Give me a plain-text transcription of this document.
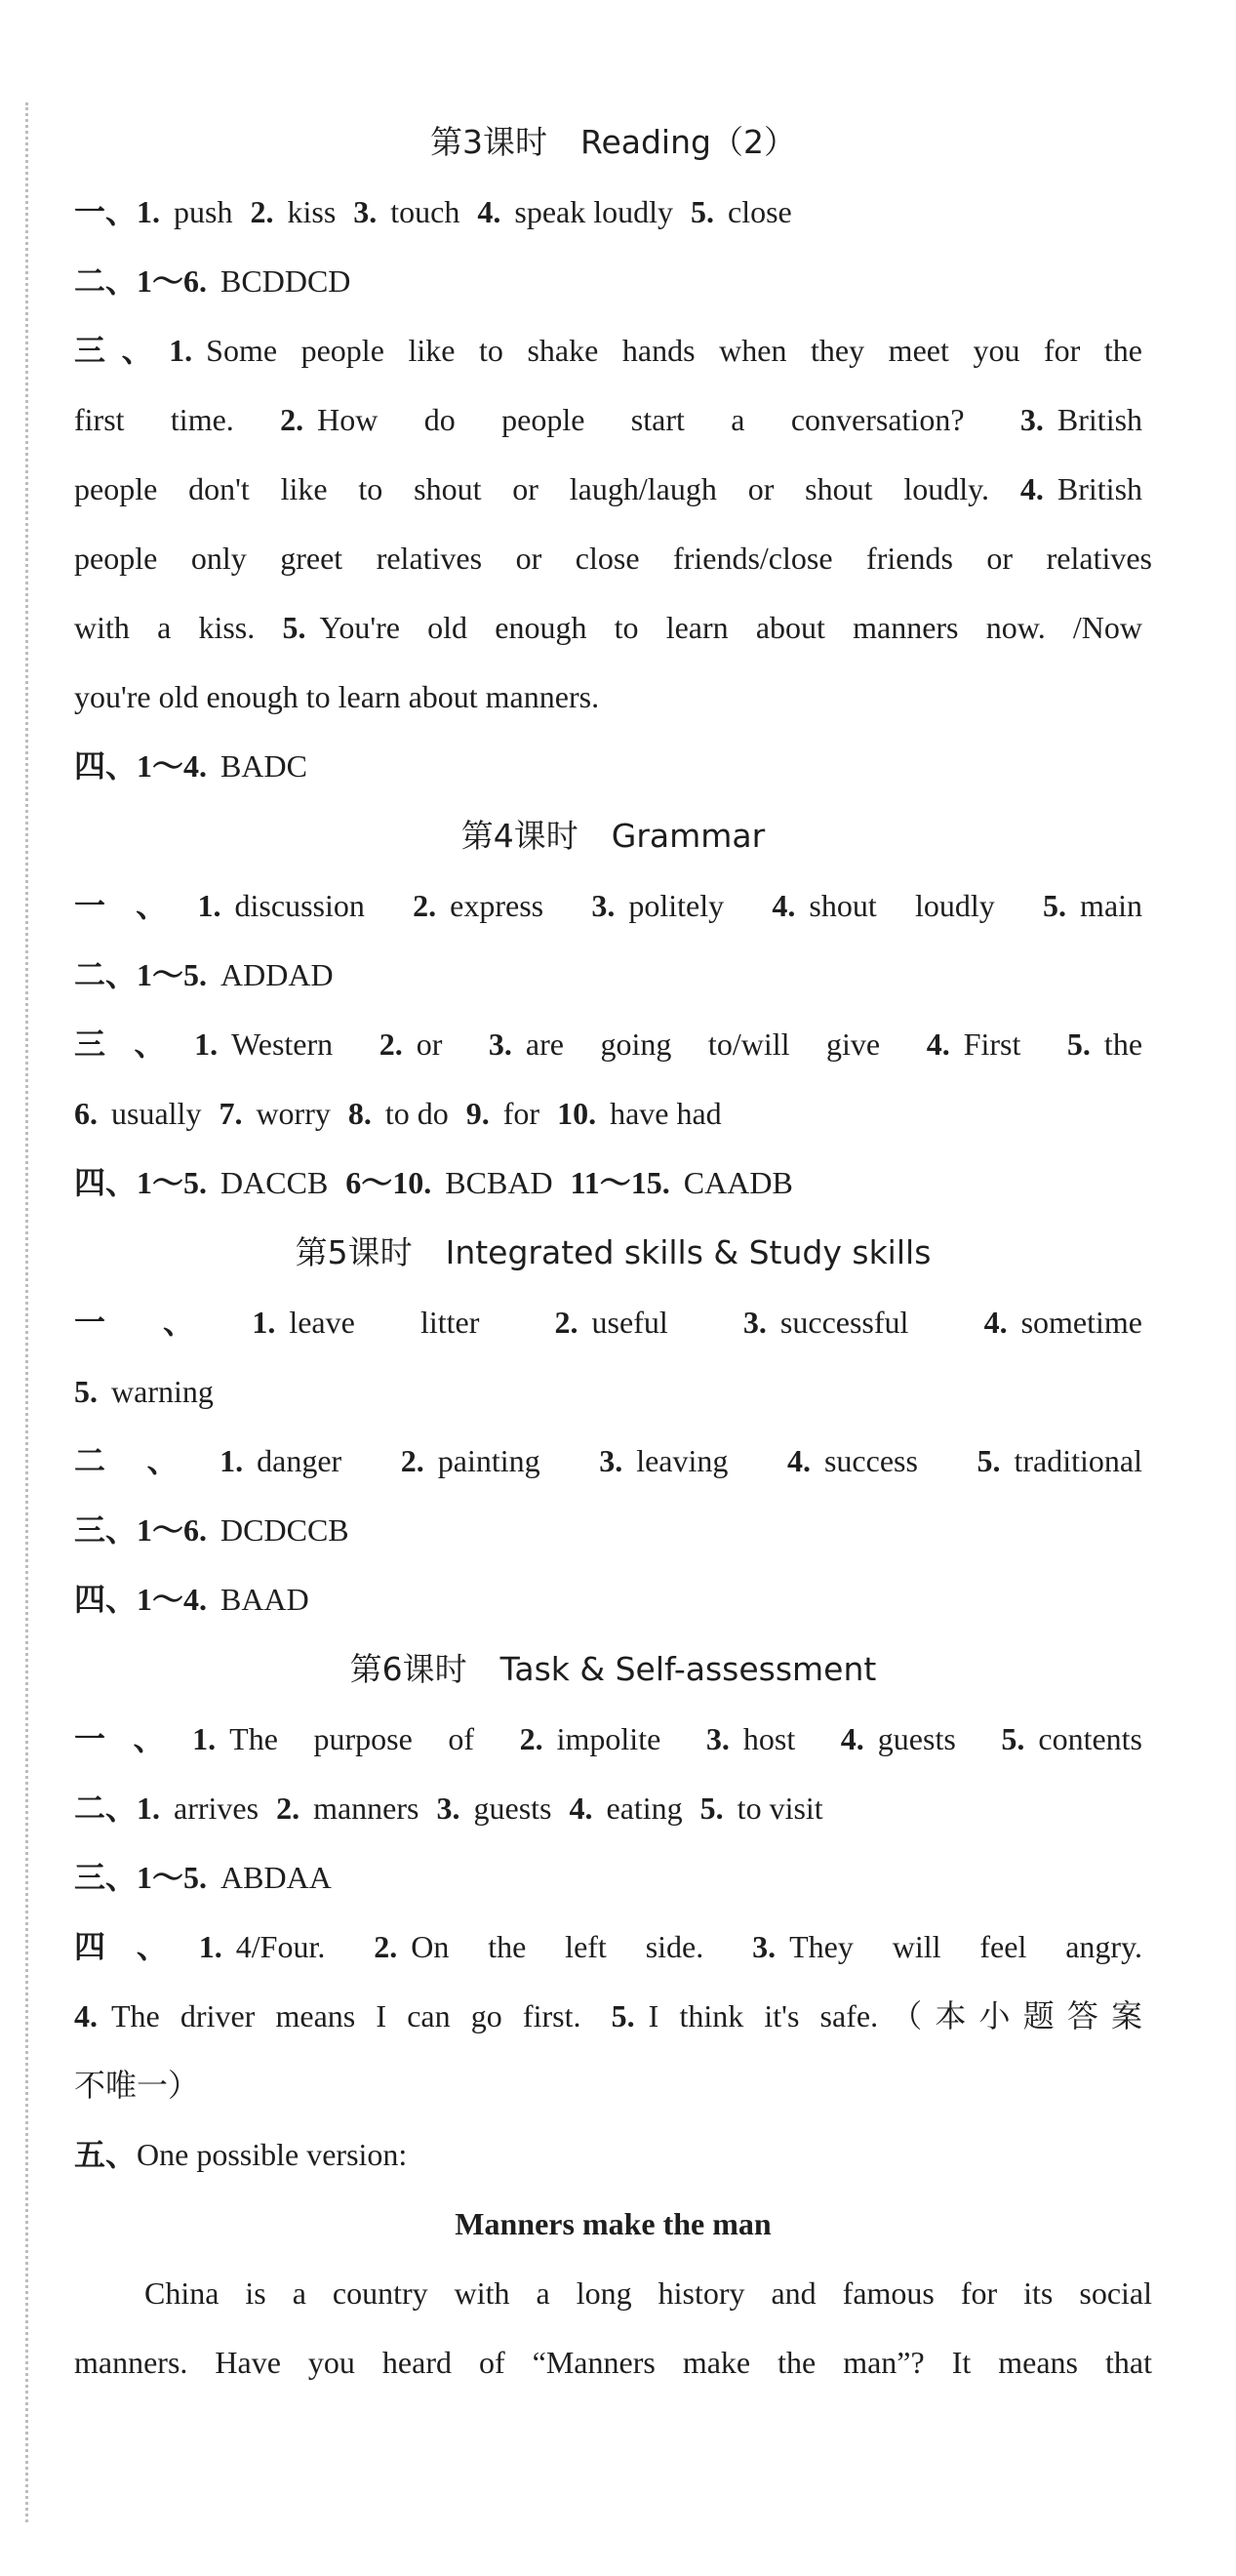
第3课时 Reading（2）
一、1. push 2. kiss 3. touch 4. speak loudly 5. close
二、1～6. BCDDCD
三、1. Some people like to shake hands when they meet you for the
first time. 2. How do people start a conversation? 3. British
people don't like to shout or laugh/laugh or shout loudly. 4. British
people only greet relatives or close friends/close friends or relatives
with a kiss. 5. You're old enough to learn about manners now. /Now
you're old enough to learn about manners.
四、1～4. BADC
第4课时 Grammar
一、1. discussion 2. express 3. politely 4. shout loudly 5. main
二、1～5. ADDAD
三、1. Western 2. or 3. are going to/will give 4. First 5. the
6. usually 7. worry 8. to do 9. for 10. have had
四、1～5. DACCB 6～10. BCBAD 11～15. CAADB
第5课时 Integrated skills & Study skills
一、1. leave litter 2. useful 3. successful 4. sometime
5. warning
二、1. danger 2. painting 3. leaving 4. success 5. traditional
三、1～6. DCDCCB
四、1～4. BAAD
第6课时 Task & Self-assessment
一、1. The purpose of 2. impolite 3. host 4. guests 5. contents
二、1. arrives 2. manners 3. guests 4. eating 5. to visit
三、1～5. ABDAA
四、1. 4/Four. 2. On the left side. 3. They will feel angry.
4. The driver means I can go first. 5. I think it's safe.（本小题答案
不唯一）
五、One possible version:
Manners make the man
China is a country with a long history and famous for its social
manners. Have you heard of “Manners make the man”? It means that
